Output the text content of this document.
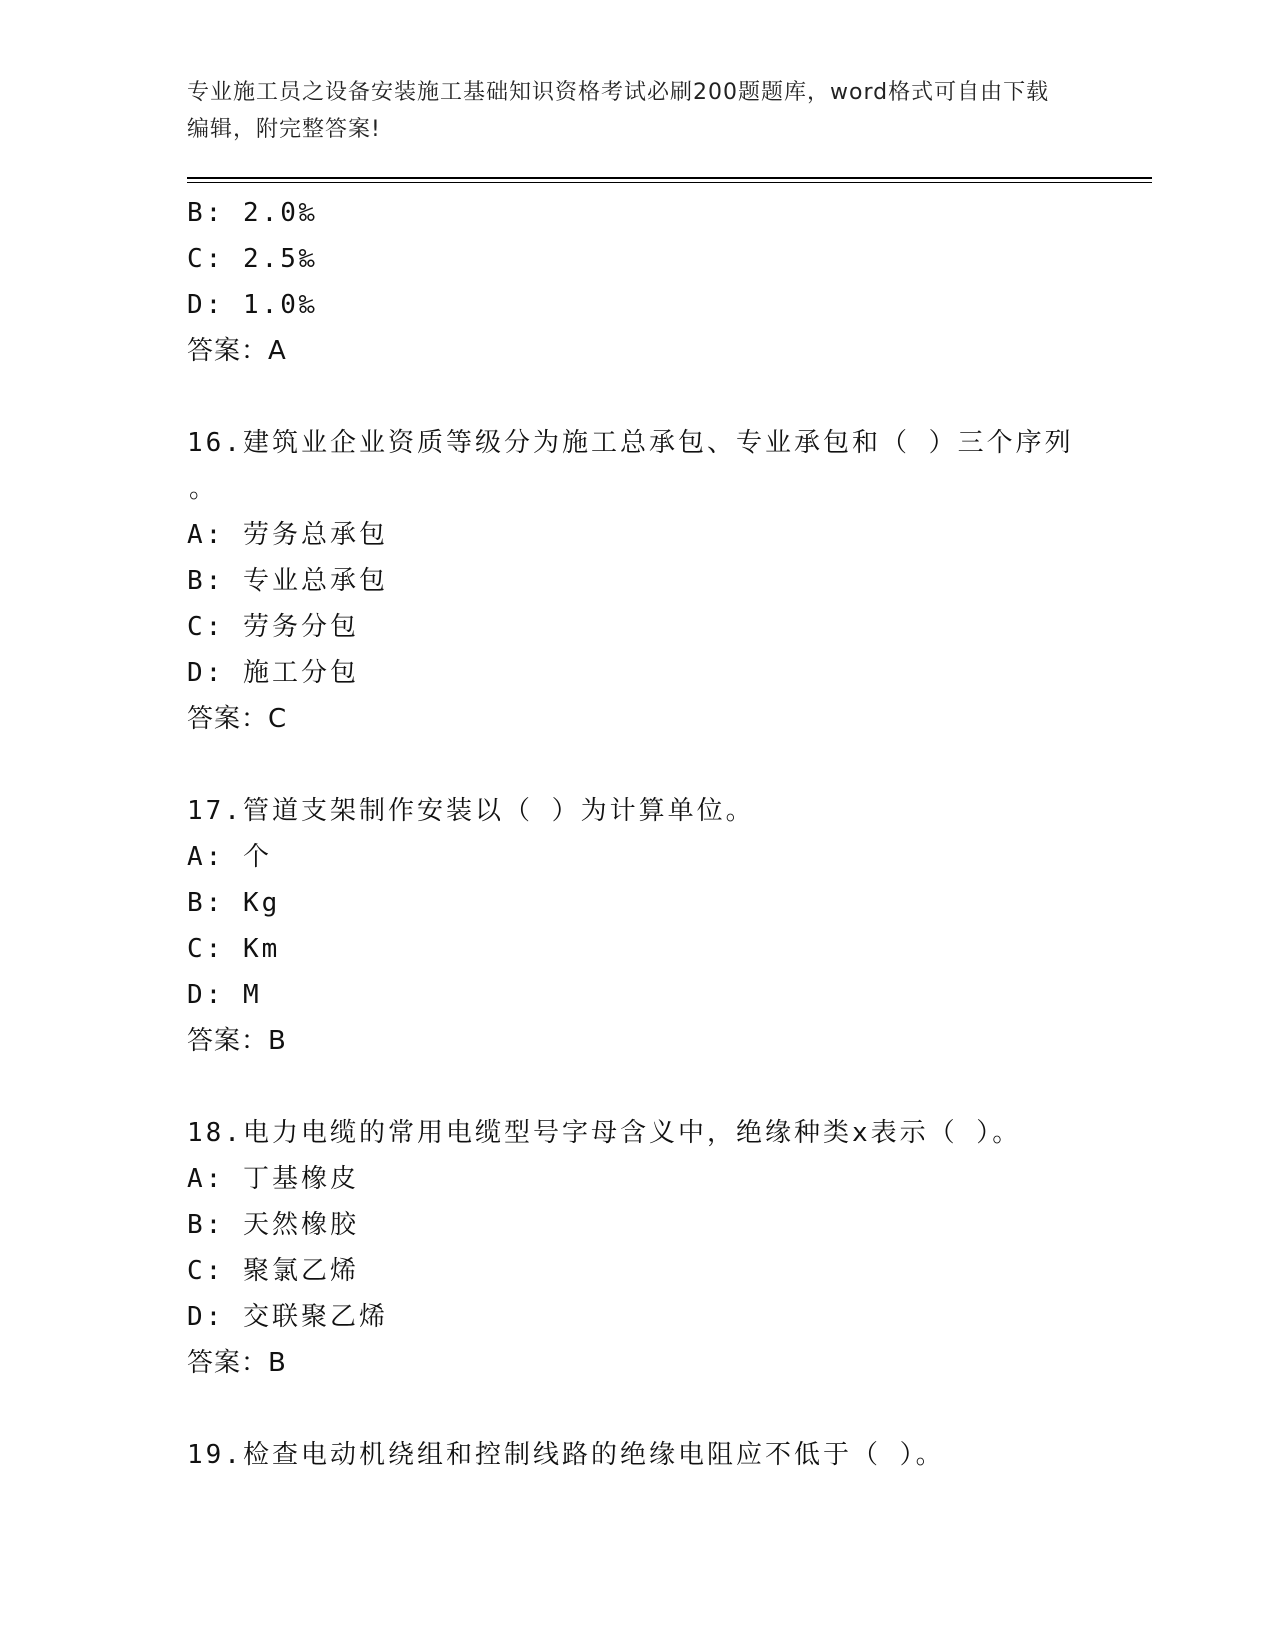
专业施工员之设备安装施工基础知识资格考试必刷200题题库，word格式可自由下载编辑，附完整答案!
B: 2.0‰
C: 2.5‰
D: 1.0‰
答案：A
16.建筑业企业资质等级分为施工总承包、专业承包和（ ）三个序列
。
A: 劳务总承包
B: 专业总承包
C: 劳务分包
D: 施工分包
答案：C
17.管道支架制作安装以（ ）为计算单位。
A: 个
B: Kg
C: Km
D: M
答案：B
18.电力电缆的常用电缆型号字母含义中，绝缘种类x表示（ ）。
A: 丁基橡皮
B: 天然橡胶
C: 聚氯乙烯
D: 交联聚乙烯
答案：B
19.检查电动机绕组和控制线路的绝缘电阻应不低于（ ）。
